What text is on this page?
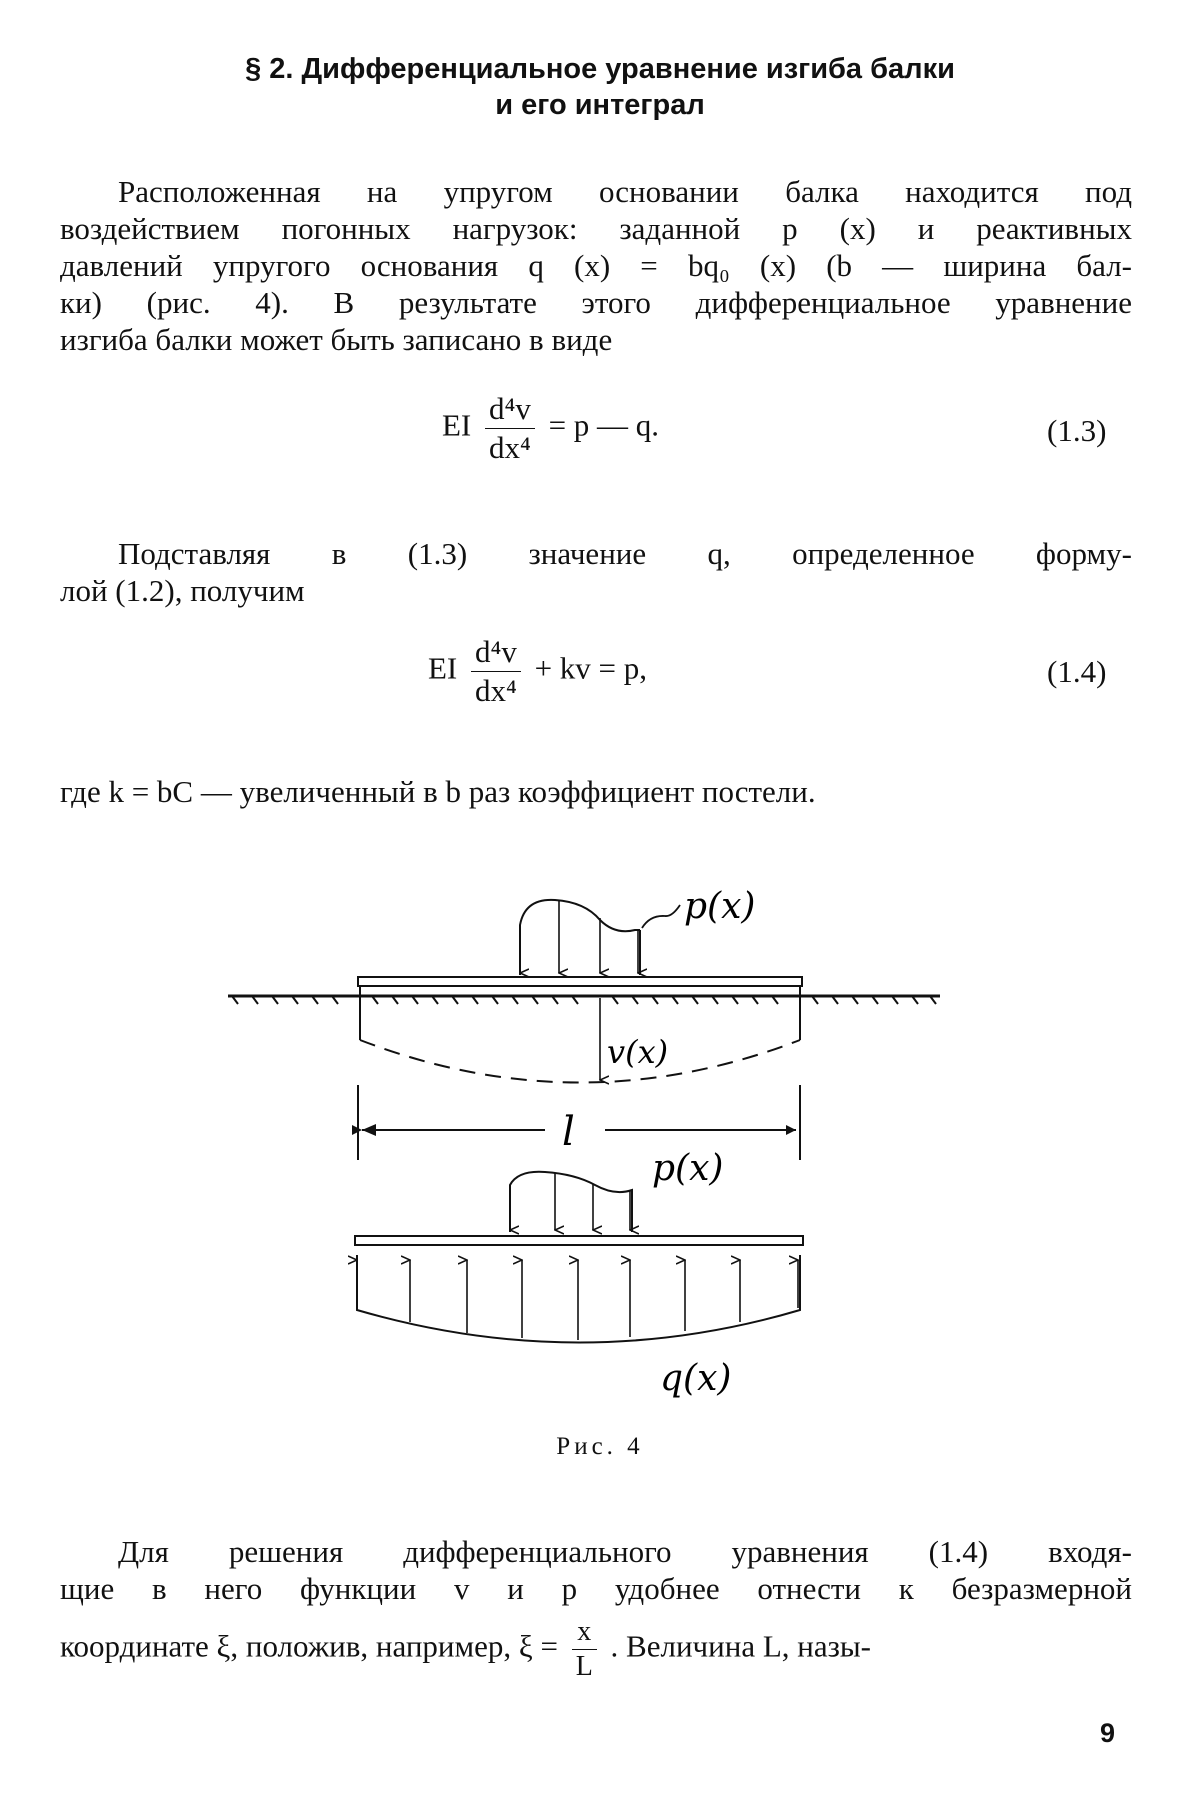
§ 2. Дифференциальное уравнение изгиба балки
и его интеграл
Расположенная на упругом основании балка находится под
воздействием погонных нагрузок: заданной p (x) и реактивных
давлений упругого основания q (x) = bq₀ (x) (b — ширина бал-
ки) (рис. 4). В результате этого дифференциальное уравнение
изгиба балки может быть записано в виде
EI $\frac{\text{d⁴v}}{\text{dx⁴}} = p$ — q.	(1.3)
Подставляя в (1.3) значение q, определенное форму-
лой (1.2), получим
EI $\frac{\text{d⁴v}}{\text{dx⁴}}$ + kv = p,	(1.4)
где k = bC — увеличенный в b раз коэффициент постели.
p(x)
v(x)
l
p(x)
q(x)
Рис. 4
Для решения дифференциального уравнения (1.4) входя-
щие в него функции v и p удобнее отнести к безразмерной
координате ξ, положив, например, $\xi = \frac{x}{L}$ . Величина L, назы-
9
